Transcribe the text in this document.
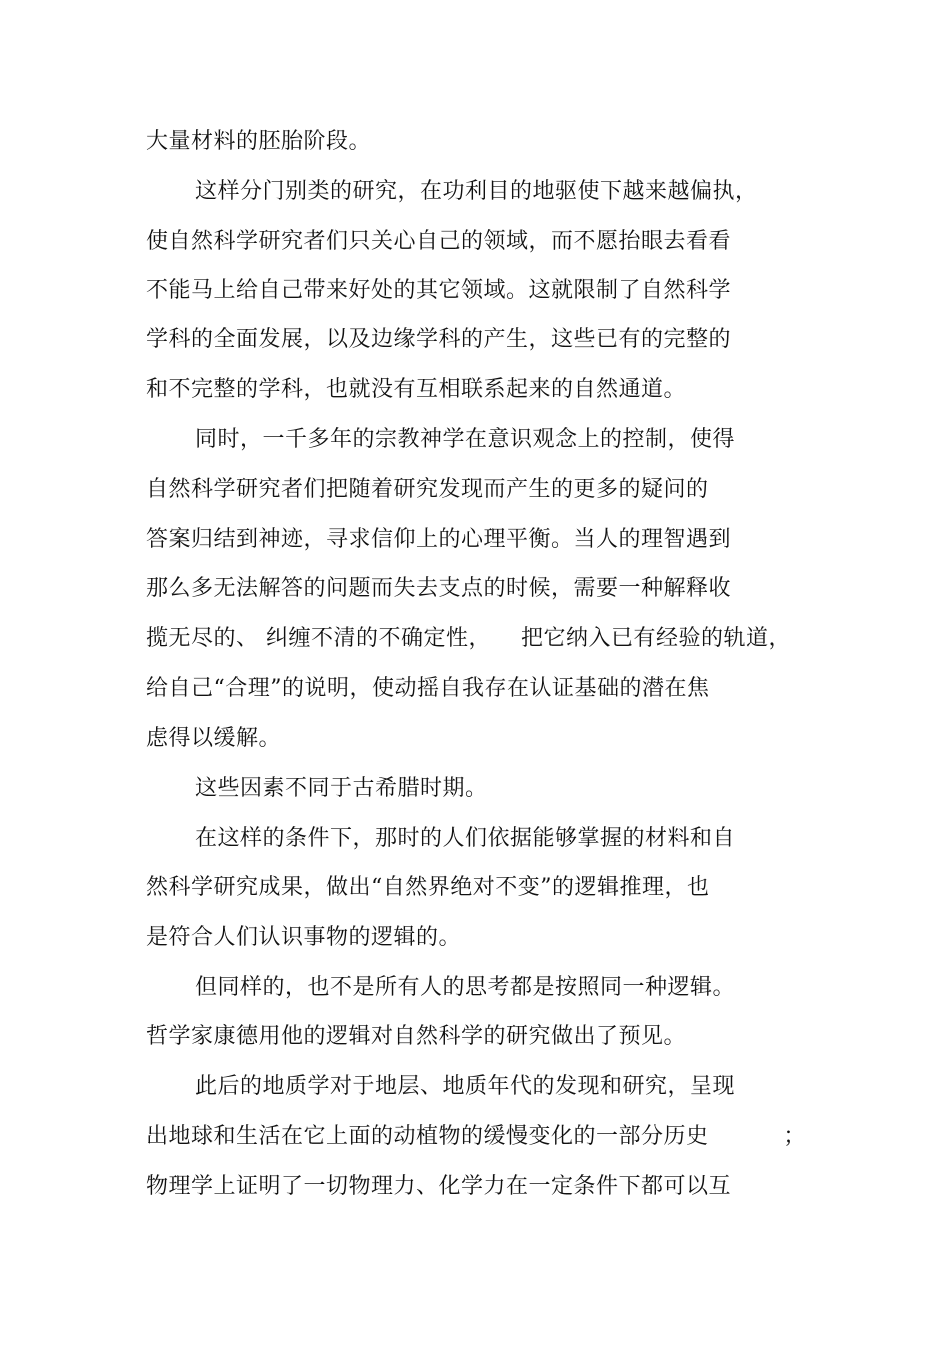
大量材料的胚胎阶段。
这样分门别类的研究，在功利目的地驱使下越来越偏执，
使自然科学研究者们只关心自己的领域，而不愿抬眼去看看
不能马上给自己带来好处的其它领域。这就限制了自然科学
学科的全面发展，以及边缘学科的产生，这些已有的完整的
和不完整的学科，也就没有互相联系起来的自然通道。
同时，一千多年的宗教神学在意识观念上的控制，使得
自然科学研究者们把随着研究发现而产生的更多的疑问的
答案归结到神迹，寻求信仰上的心理平衡。当人的理智遇到
那么多无法解答的问题而失去支点的时候，需要一种解释收
揽无尽的、 纠缠不清的不确定性，    把它纳入已有经验的轨道，
给自己“合理”的说明，使动摇自我存在认证基础的潜在焦
虑得以缓解。
这些因素不同于古希腊时期。
在这样的条件下，那时的人们依据能够掌握的材料和自
然科学研究成果，做出“自然界绝对不变”的逻辑推理，也
是符合人们认识事物的逻辑的。
但同样的，也不是所有人的思考都是按照同一种逻辑。
哲学家康德用他的逻辑对自然科学的研究做出了预见。
此后的地质学对于地层、地质年代的发现和研究，呈现
出地球和生活在它上面的动植物的缓慢变化的一部分历史          ；
物理学上证明了一切物理力、化学力在一定条件下都可以互
